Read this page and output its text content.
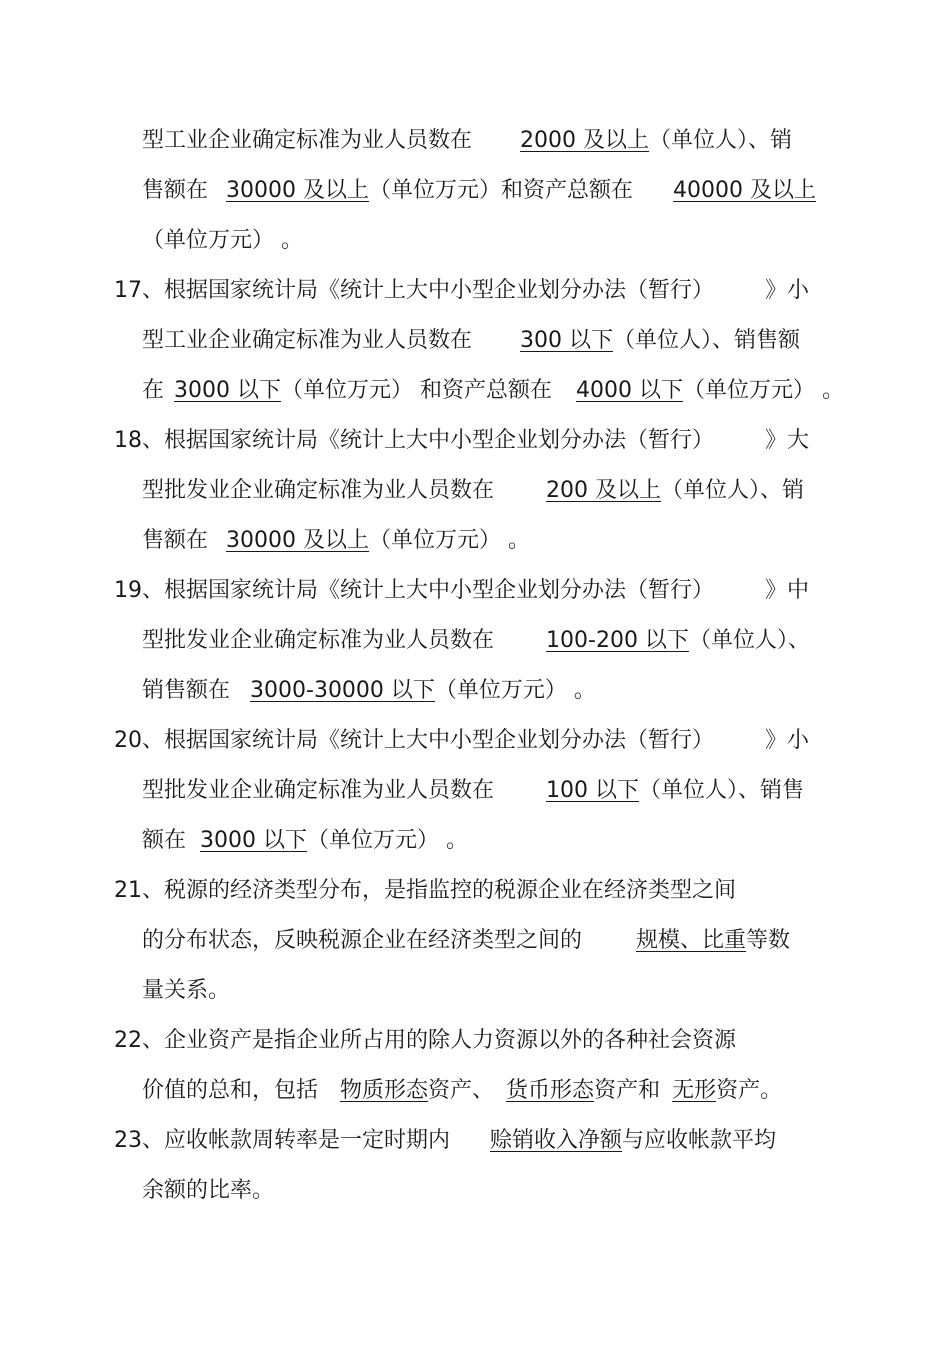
型工业企业确定标准为业人员数在 2000 及以上（单位人）、销
售额在 30000 及以上（单位万元）和资产总额在 40000 及以上
（单位万元） 。
17、根据国家统计局《统计上大中小型企业划分办法（暂行）	》小
型工业企业确定标准为业人员数在 300 以下（单位人）、销售额
在 3000 以下（单位万元） 和资产总额在 4000 以下（单位万元） 。
18、根据国家统计局《统计上大中小型企业划分办法（暂行）	》大
型批发业企业确定标准为业人员数在 200 及以上（单位人）、销
售额在 30000 及以上（单位万元） 。
19、根据国家统计局《统计上大中小型企业划分办法（暂行）	》中
型批发业企业确定标准为业人员数在 100-200 以下（单位人）、
销售额在 3000-30000 以下（单位万元） 。
20、根据国家统计局《统计上大中小型企业划分办法（暂行）	》小
型批发业企业确定标准为业人员数在 100 以下（单位人）、销售
额在 3000 以下（单位万元） 。
21、税源的经济类型分布，是指监控的税源企业在经济类型之间
的分布状态，反映税源企业在经济类型之间的 规模、比重等数
量关系。
22、企业资产是指企业所占用的除人力资源以外的各种社会资源
价值的总和，包括 物质形态资产、 货币形态资产和 无形资产。
23、应收帐款周转率是一定时期内 赊销收入净额与应收帐款平均
余额的比率。
